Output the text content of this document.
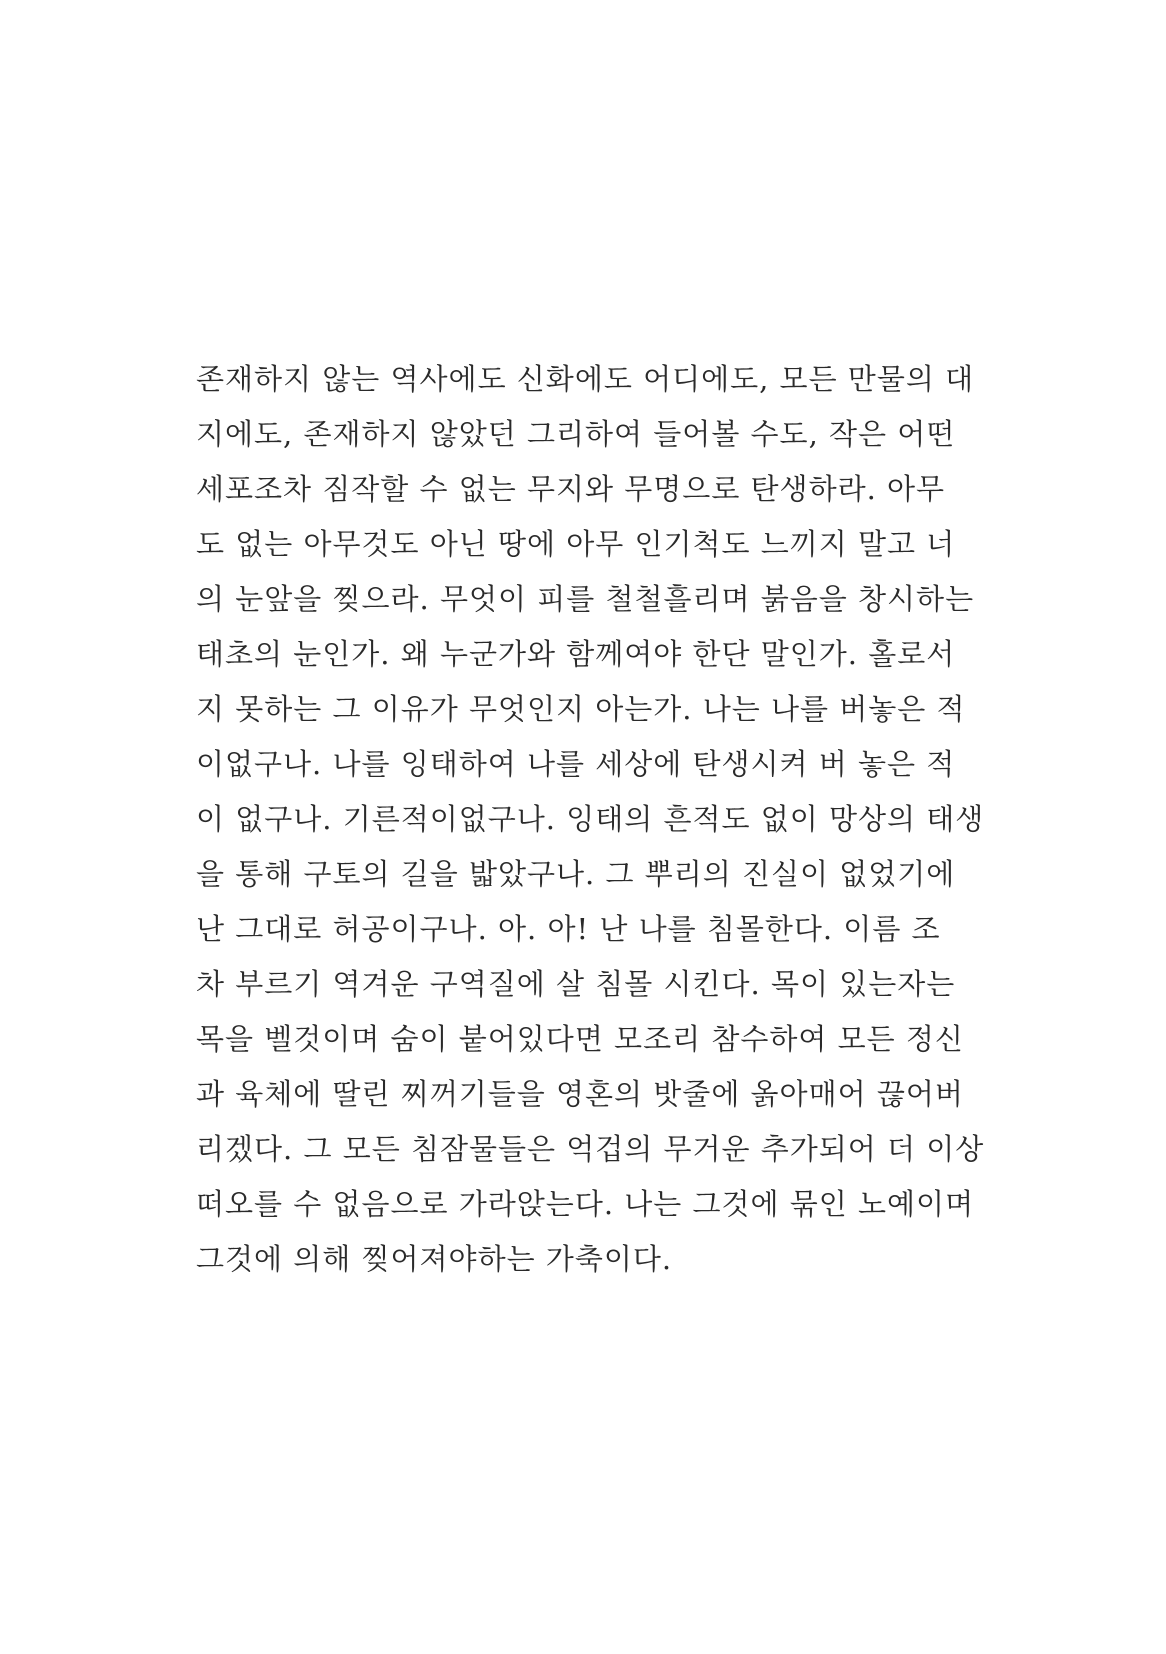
존재하지 않는 역사에도 신화에도 어디에도, 모든 만물의 대
지에도, 존재하지 않았던 그리하여 들어볼 수도, 작은 어떤
세포조차 짐작할 수 없는 무지와 무명으로 탄생하라. 아무
도 없는 아무것도 아닌 땅에 아무 인기척도 느끼지 말고 너
의 눈앞을 찢으라. 무엇이 피를 철철흘리며 붉음을 창시하는
태초의 눈인가. 왜 누군가와 함께여야 한단 말인가. 홀로서
지 못하는 그 이유가 무엇인지 아는가. 나는 나를 버놓은 적
이없구나. 나를 잉태하여 나를 세상에 탄생시켜 버 놓은 적
이 없구나. 기른적이없구나. 잉태의 흔적도 없이 망상의 태생
을 통해 구토의 길을 밟았구나. 그 뿌리의 진실이 없었기에
난 그대로 허공이구나. 아. 아! 난 나를 침몰한다. 이름 조
차 부르기 역겨운 구역질에 살 침몰 시킨다. 목이 있는자는
목을 벨것이며 숨이 붙어있다면 모조리 참수하여 모든 정신
과 육체에 딸린 찌꺼기들을 영혼의 밧줄에 옭아매어 끊어버
리겠다. 그 모든 침잠물들은 억겁의 무거운 추가되어 더 이상
떠오를 수 없음으로 가라앉는다. 나는 그것에 묶인 노예이며
그것에 의해 찢어져야하는 가축이다.
